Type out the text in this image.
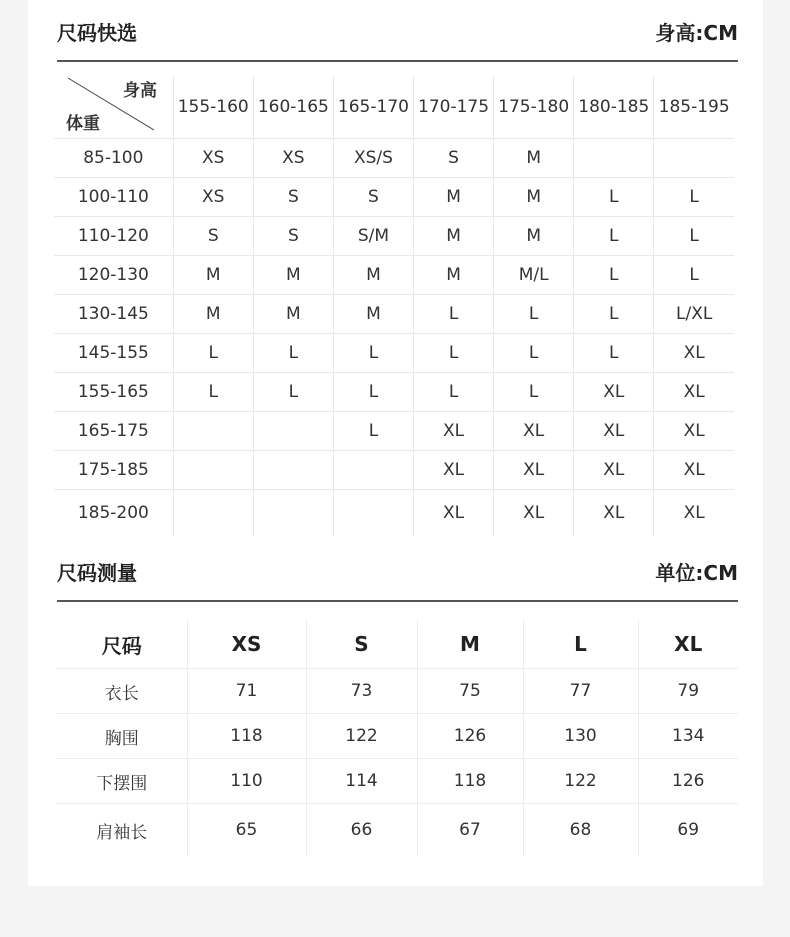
尺码快选	身高:CM
身高
体重	155-160	160-165	165-170	170-175	175-180	180-185	185-195
85-100	XS	XS	XS/S	S	M		
100-110	XS	S	S	M	M	L	L
110-120	S	S	S/M	M	M	L	L
120-130	M	M	M	M	M/L	L	L
130-145	M	M	M	L	L	L	L/XL
145-155	L	L	L	L	L	L	XL
155-165	L	L	L	L	L	XL	XL
165-175			L	XL	XL	XL	XL
175-185				XL	XL	XL	XL
185-200				XL	XL	XL	XL
尺码测量	单位:CM
尺码	XS	S	M	L	XL
衣长	71	73	75	77	79
胸围	118	122	126	130	134
下摆围	110	114	118	122	126
肩袖长	65	66	67	68	69
